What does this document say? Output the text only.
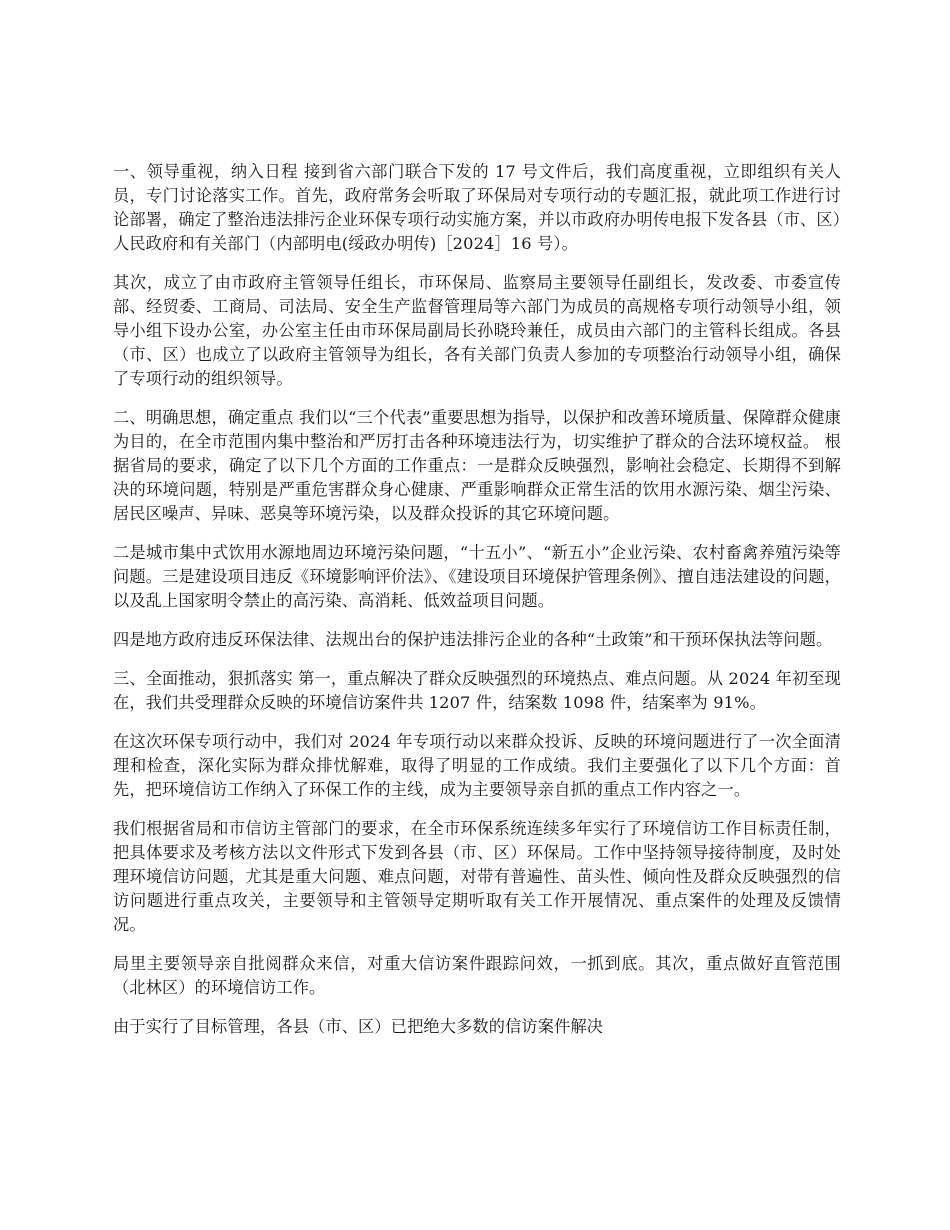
一、领导重视，纳入日程 接到省六部门联合下发的 17 号文件后，我们高度重视，立即组织有关人员，专门讨论落实工作。首先，政府常务会听取了环保局对专项行动的专题汇报，就此项工作进行讨论部署，确定了整治违法排污企业环保专项行动实施方案，并以市政府办明传电报下发各县（市、区）人民政府和有关部门（内部明电(绥政办明传)［2024］16 号）。

其次，成立了由市政府主管领导任组长，市环保局、监察局主要领导任副组长，发改委、市委宣传部、经贸委、工商局、司法局、安全生产监督管理局等六部门为成员的高规格专项行动领导小组，领导小组下设办公室，办公室主任由市环保局副局长孙晓玲兼任，成员由六部门的主管科长组成。各县（市、区）也成立了以政府主管领导为组长，各有关部门负责人参加的专项整治行动领导小组，确保了专项行动的组织领导。

二、明确思想，确定重点 我们以“三个代表”重要思想为指导，以保护和改善环境质量、保障群众健康为目的，在全市范围内集中整治和严厉打击各种环境违法行为，切实维护了群众的合法环境权益。 根据省局的要求，确定了以下几个方面的工作重点：一是群众反映强烈，影响社会稳定、长期得不到解决的环境问题，特别是严重危害群众身心健康、严重影响群众正常生活的饮用水源污染、烟尘污染、居民区噪声、异味、恶臭等环境污染，以及群众投诉的其它环境问题。

二是城市集中式饮用水源地周边环境污染问题，“十五小”、“新五小”企业污染、农村畜禽养殖污染等问题。三是建设项目违反《环境影响评价法》、《建设项目环境保护管理条例》、擅自违法建设的问题，以及乱上国家明令禁止的高污染、高消耗、低效益项目问题。

四是地方政府违反环保法律、法规出台的保护违法排污企业的各种“土政策”和干预环保执法等问题。

三、全面推动，狠抓落实 第一，重点解决了群众反映强烈的环境热点、难点问题。从 2024 年初至现在，我们共受理群众反映的环境信访案件共 1207 件，结案数 1098 件，结案率为 91%。

在这次环保专项行动中，我们对 2024 年专项行动以来群众投诉、反映的环境问题进行了一次全面清理和检查，深化实际为群众排忧解难，取得了明显的工作成绩。我们主要强化了以下几个方面：首先，把环境信访工作纳入了环保工作的主线，成为主要领导亲自抓的重点工作内容之一。

我们根据省局和市信访主管部门的要求，在全市环保系统连续多年实行了环境信访工作目标责任制，把具体要求及考核方法以文件形式下发到各县（市、区）环保局。工作中坚持领导接待制度，及时处理环境信访问题，尤其是重大问题、难点问题，对带有普遍性、苗头性、倾向性及群众反映强烈的信访问题进行重点攻关，主要领导和主管领导定期听取有关工作开展情况、重点案件的处理及反馈情况。

局里主要领导亲自批阅群众来信，对重大信访案件跟踪问效，一抓到底。其次，重点做好直管范围（北林区）的环境信访工作。

由于实行了目标管理，各县（市、区）已把绝大多数的信访案件解决
